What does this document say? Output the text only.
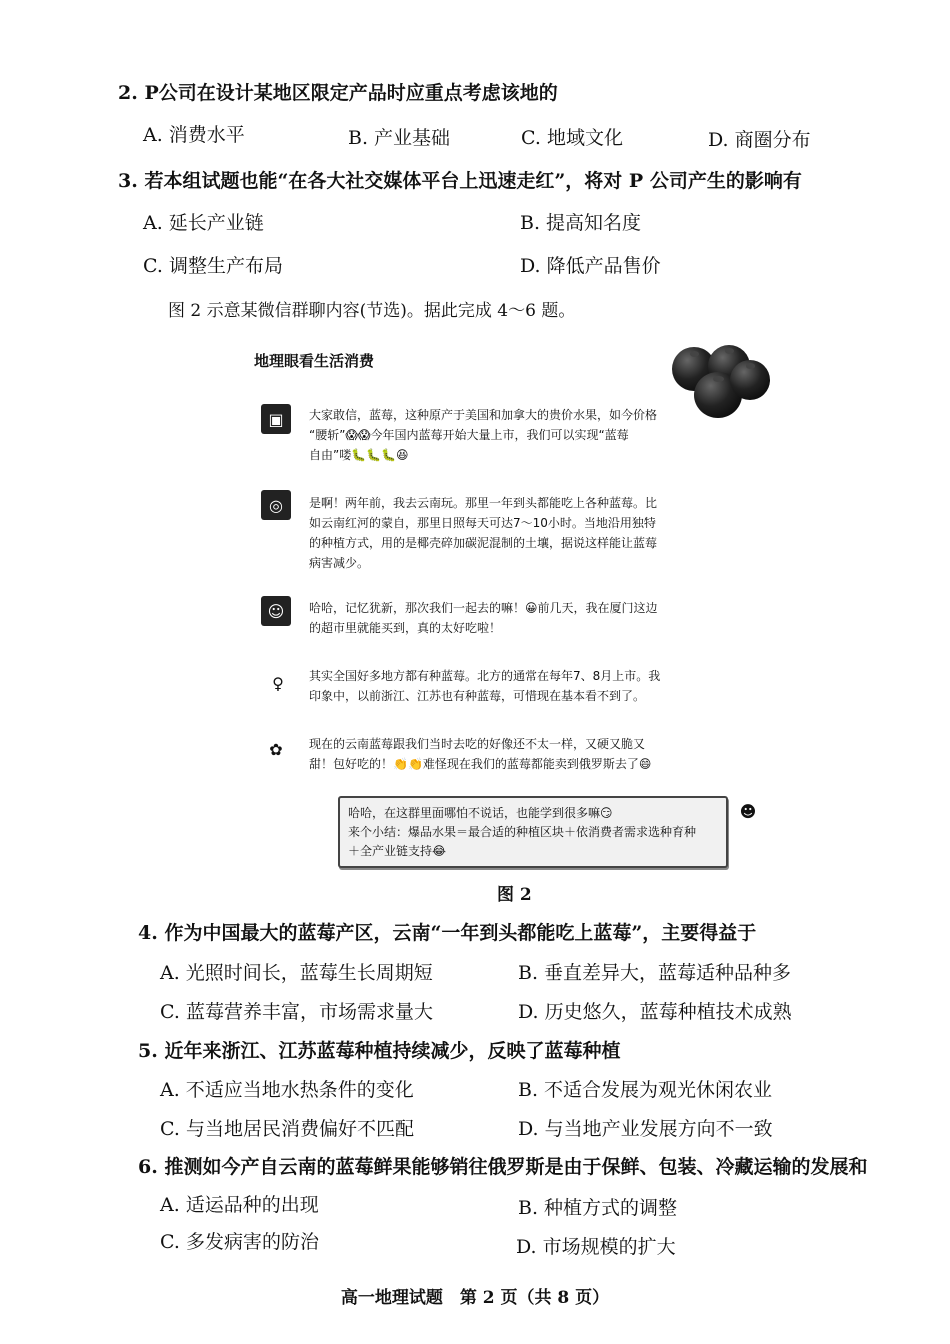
2. P公司在设计某地区限定产品时应重点考虑该地的
A. 消费水平	B. 产业基础	C. 地域文化	D. 商圈分布
3. 若本组试题也能“在各大社交媒体平台上迅速走红”，将对 P 公司产生的影响有
A. 延长产业链	B. 提高知名度
C. 调整生产布局	D. 降低产品售价
图 2 示意某微信群聊内容(节选)。据此完成 4～6 题。
地理眼看生活消费
▣	大家敢信，蓝莓，这种原产于美国和加拿大的贵价水果，如今价格
“腰斩”😱😱今年国内蓝莓开始大量上市，我们可以实现“蓝莓
自由”喽🐛🐛🐛😆
◎	是啊！两年前，我去云南玩。那里一年到头都能吃上各种蓝莓。比
如云南红河的蒙自，那里日照每天可达7～10小时。当地沿用独特
的种植方式，用的是椰壳碎加碳泥混制的土壤，据说这样能让蓝莓
病害减少。
☺	哈哈，记忆犹新，那次我们一起去的嘛！😀前几天，我在厦门这边
的超市里就能买到，真的太好吃啦！
♀	其实全国好多地方都有种蓝莓。北方的通常在每年7、8月上市。我
印象中，以前浙江、江苏也有种蓝莓，可惜现在基本看不到了。
✿	现在的云南蓝莓跟我们当时去吃的好像还不太一样，又硬又脆又
甜！包好吃的！👏👏难怪现在我们的蓝莓都能卖到俄罗斯去了😄
哈哈，在这群里面哪怕不说话，也能学到很多嘛😏
来个小结：爆品水果＝最合适的种植区块＋依消费者需求选种育种
＋全产业链支持😂
☻
图 2
4. 作为中国最大的蓝莓产区，云南“一年到头都能吃上蓝莓”，主要得益于
A. 光照时间长，蓝莓生长周期短	B. 垂直差异大，蓝莓适种品种多
C. 蓝莓营养丰富，市场需求量大	D. 历史悠久，蓝莓种植技术成熟
5. 近年来浙江、江苏蓝莓种植持续减少，反映了蓝莓种植
A. 不适应当地水热条件的变化	B. 不适合发展为观光休闲农业
C. 与当地居民消费偏好不匹配	D. 与当地产业发展方向不一致
6. 推测如今产自云南的蓝莓鲜果能够销往俄罗斯是由于保鲜、包装、冷藏运输的发展和
A. 适运品种的出现	B. 种植方式的调整
C. 多发病害的防治	D. 市场规模的扩大
高一地理试题　第 2 页（共 8 页）
